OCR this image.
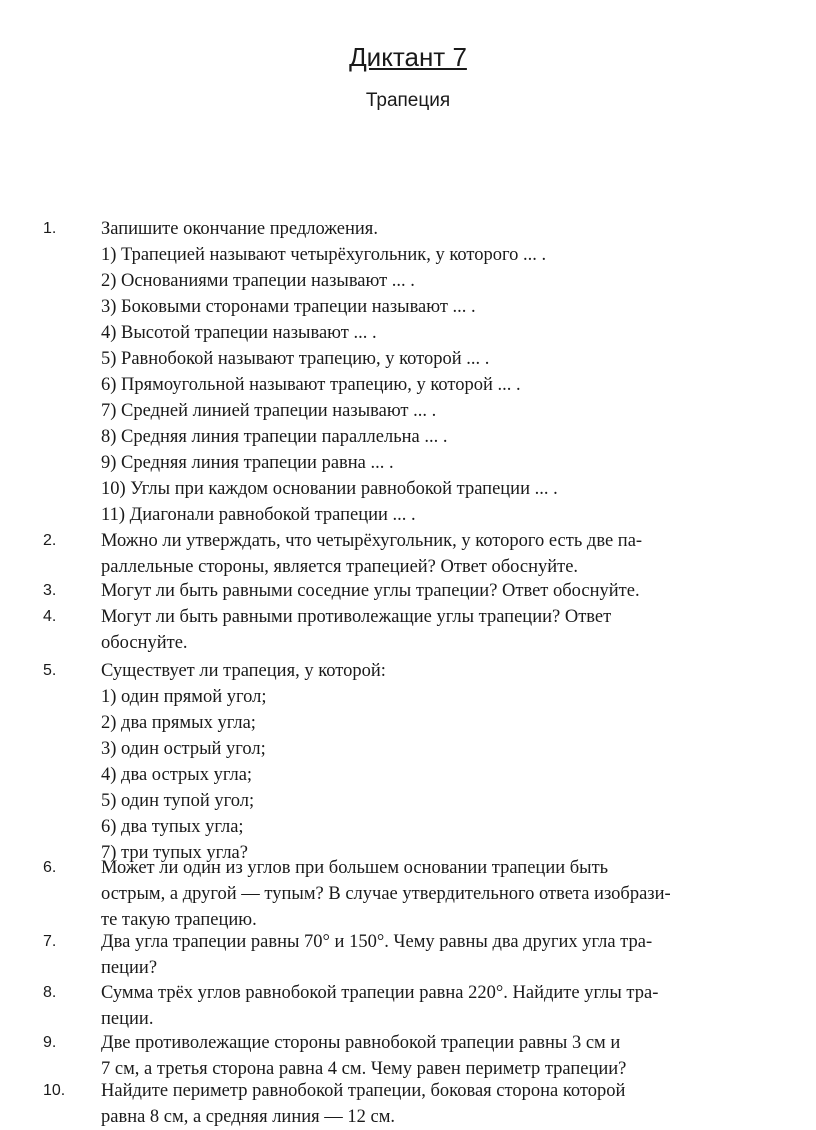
Диктант 7
Трапеция
1. Запишите окончание предложения.
1) Трапецией называют четырёхугольник, у которого ... .
2) Основаниями трапеции называют ... .
3) Боковыми сторонами трапеции называют ... .
4) Высотой трапеции называют ... .
5) Равнобокой называют трапецию, у которой ... .
6) Прямоугольной называют трапецию, у которой ... .
7) Средней линией трапеции называют ... .
8) Средняя линия трапеции параллельна ... .
9) Средняя линия трапеции равна ... .
10) Углы при каждом основании равнобокой трапеции ... .
11) Диагонали равнобокой трапеции ... .
2. Можно ли утверждать, что четырёхугольник, у которого есть две па-
раллельные стороны, является трапецией? Ответ обоснуйте.
3. Могут ли быть равными соседние углы трапеции? Ответ обоснуйте.
4. Могут ли быть равными противолежащие углы трапеции? Ответ
обоснуйте.
5. Существует ли трапеция, у которой:
1) один прямой угол;
2) два прямых угла;
3) один острый угол;
4) два острых угла;
5) один тупой угол;
6) два тупых угла;
7) три тупых угла?
6. Может ли один из углов при большем основании трапеции быть
острым, а другой — тупым? В случае утвердительного ответа изобрази-
те такую трапецию.
7. Два угла трапеции равны 70° и 150°. Чему равны два других угла тра-
пеции?
8. Сумма трёх углов равнобокой трапеции равна 220°. Найдите углы тра-
пеции.
9. Две противолежащие стороны равнобокой трапеции равны 3 см и
7 см, а третья сторона равна 4 см. Чему равен периметр трапеции?
10. Найдите периметр равнобокой трапеции, боковая сторона которой
равна 8 см, а средняя линия — 12 см.
